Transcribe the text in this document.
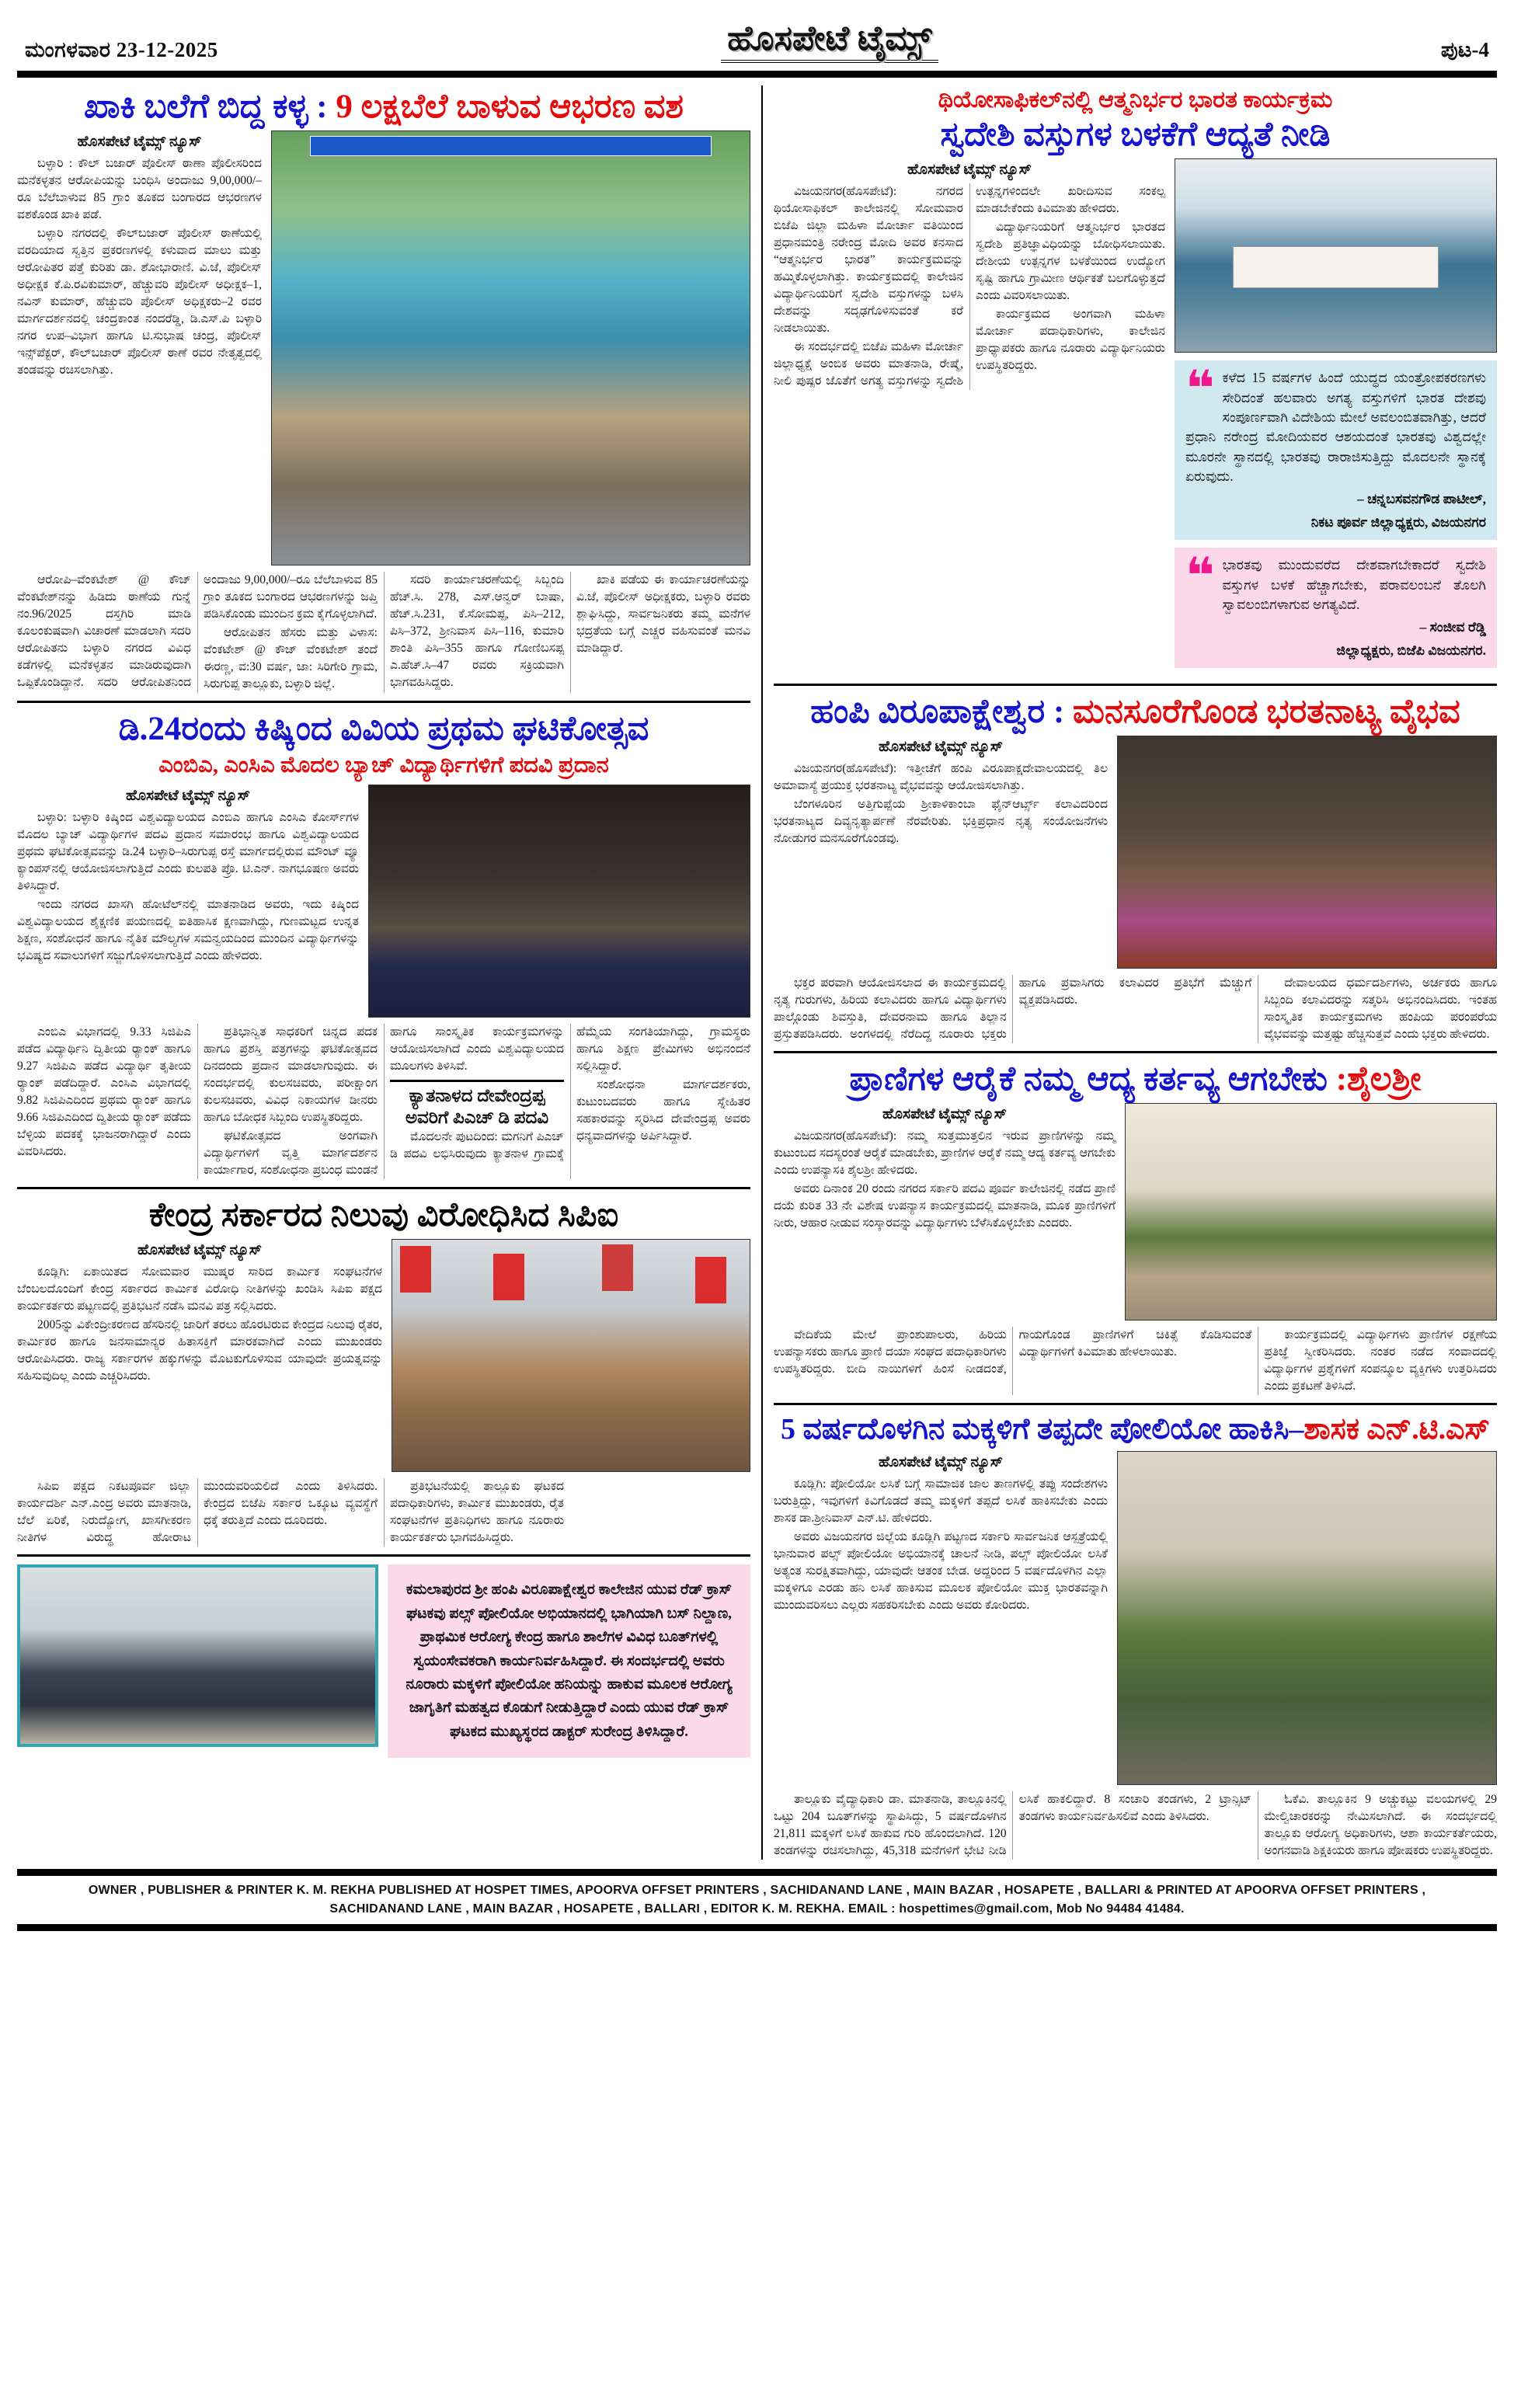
ಮಂಗಳವಾರ 23-12-2025	ಹೊಸಪೇಟೆ ಟೈಮ್ಸ್	ಪುಟ-4
ಖಾಕಿ ಬಲೆಗೆ ಬಿದ್ದ ಕಳ್ಳ : 9 ಲಕ್ಷಬೆಲೆ ಬಾಳುವ ಆಭರಣ ವಶ
ಹೊಸಪೇಟೆ ಟೈಮ್ಸ್ ನ್ಯೂಸ್

ಬಳ್ಳಾರಿ : ಕೌಲ್ ಬಜಾರ್ ಪೊಲೀಸ್ ಠಾಣಾ ಪೊಲೀಸರಿಂದ ಮನೆಕಳ್ಳತನ ಆರೋಪಿಯನ್ನು ಬಂಧಿಸಿ ಅಂದಾಜು 9,00,000/–ರೂ ಬೆಲೆಬಾಳುವ 85 ಗ್ರಾಂ ತೂಕದ ಬಂಗಾರದ ಆಭರಣಗಳ ವಶಕೊಂಡ ಖಾಕಿ ಪಡೆ.

ಬಳ್ಳಾರಿ ನಗರದಲ್ಲಿ ಕೌಲ್‌ಬಜಾರ್ ಪೊಲೀಸ್ ಠಾಣೆಯಲ್ಲಿ ವರದಿಯಾದ ಸ್ವತ್ತಿನ ಪ್ರಕರಣಗಳಲ್ಲಿ ಕಳುವಾದ ಮಾಲು ಮತ್ತು ಆರೋಪಿತರ ಪತ್ತೆ ಕುರಿತು ಡಾ. ಶೋಭಾರಾಣಿ. ವಿ.ಜೆ, ಪೊಲೀಸ್ ಅಧೀಕ್ಷಕ ಕೆ.ಪಿ.ರವಿಕುಮಾರ್, ಹೆಚ್ಚುವರಿ ಪೊಲೀಸ್ ಅಧೀಕ್ಷಕ–1, ನವಿನ್ ಕುಮಾರ್, ಹೆಚ್ಚುವರಿ ಪೊಲೀಸ್ ಅಧಿಕ್ಷಕರು–2 ರವರ ಮಾರ್ಗದರ್ಶನದಲ್ಲಿ ಚಂದ್ರಕಾಂತ ನಂದರೆಡ್ಡಿ, ಡಿ.ಎಸ್.ಪಿ ಬಳ್ಳಾರಿ ನಗರ ಉಪ–ವಿಭಾಗ ಹಾಗೂ ಟಿ.ಸುಭಾಷ ಚಂದ್ರ, ಪೊಲೀಸ್ ಇನ್ಸ್‌ಪೆಕ್ಟರ್, ಕೌಲ್‌ಬಜಾರ್ ಪೊಲೀಸ್ ಠಾಣೆ ರವರ ನೇತೃತ್ವದಲ್ಲಿ ತಂಡವನ್ನು ರಚಿಸಲಾಗಿತ್ತು.

ಆರೋಪಿ–ವೆಂಕಟೇಶ್ @ ಕೌಜ್ ವೆಂಕಟೇಶ್‌ನನ್ನು ಹಿಡಿದು ಠಾಣೆಯ ಗುನ್ನೆ ನಂ.96/2025 ದಸ್ತಗಿರಿ ಮಾಡಿ ಕೂಲಂಕುಷವಾಗಿ ವಿಚಾರಣೆ ಮಾಡಲಾಗಿ ಸದರಿ ಆರೋಪಿತನು ಬಳ್ಳಾರಿ ನಗರದ ವಿವಿಧ ಕಡೆಗಳಲ್ಲಿ ಮನೆಕಳ್ಳತನ ಮಾಡಿರುವುದಾಗಿ ಒಪ್ಪಿಕೊಂಡಿದ್ದಾನೆ. ಸದರಿ ಆರೋಪಿತನಿಂದ ಅಂದಾಜು 9,00,000/–ರೂ ಬೆಲೆಬಾಳುವ 85 ಗ್ರಾಂ ತೂಕದ ಬಂಗಾರದ ಆಭರಣಗಳನ್ನು ಜಪ್ತಿ ಪಡಿಸಿಕೊಂಡು ಮುಂದಿನ ಕ್ರಮ ಕೈಗೊಳ್ಳಲಾಗಿದೆ.

ಆರೋಪಿತನ ಹೆಸರು ಮತ್ತು ವಿಳಾಸ: ವೆಂಕಟೇಶ್ @ ಕೌಜ್ ವೆಂಕಟೇಶ್ ತಂದೆ ಈರಣ್ಣ, ವ:30 ವರ್ಷ, ಜಾ: ಸಿರಿಗೇರಿ ಗ್ರಾಮ, ಸಿರುಗುಪ್ಪ ತಾಲ್ಲೂಕು, ಬಳ್ಳಾರಿ ಜಿಲ್ಲೆ.

ಸದರಿ ಕಾರ್ಯಾಚರಣೆಯಲ್ಲಿ ಸಿಬ್ಬಂದಿ ಹೆಚ್.ಸಿ. 278, ಎಸ್.ಆನ್ವರ್ ಬಾಷಾ, ಹೆಚ್.ಸಿ.231, ಕೆ.ಸೋಮಪ್ಪ, ಪಿಸಿ–212, ಪಿಸಿ–372, ಶ್ರೀನಿವಾಸ ಪಿಸಿ–116, ಕುಮಾರಿ ಶಾಂತಿ ಪಿಸಿ–355 ಹಾಗೂ ಗೋಣಿಬಸಪ್ಪ ಎ.ಹೆಚ್.ಸಿ–47 ರವರು ಸಕ್ರಿಯವಾಗಿ ಭಾಗವಹಿಸಿದ್ದರು.

ಖಾಕಿ ಪಡೆಯ ಈ ಕಾರ್ಯಾಚರಣೆಯನ್ನು ವಿ.ಜೆ, ಪೊಲೀಸ್ ಅಧೀಕ್ಷಕರು, ಬಳ್ಳಾರಿ ರವರು ಶ್ಲಾಘಿಸಿದ್ದು, ಸಾರ್ವಜನಿಕರು ತಮ್ಮ ಮನೆಗಳ ಭದ್ರತೆಯ ಬಗ್ಗೆ ಎಚ್ಚರ ವಹಿಸುವಂತೆ ಮನವಿ ಮಾಡಿದ್ದಾರೆ.

ಡಿ.24ರಂದು ಕಿಷ್ಕಿಂದ ವಿವಿಯ ಪ್ರಥಮ ಘಟಿಕೋತ್ಸವ
ಎಂಬಿಎ, ಎಂಸಿಎ ಮೊದಲ ಬ್ಯಾಚ್ ವಿದ್ಯಾರ್ಥಿಗಳಿಗೆ ಪದವಿ ಪ್ರದಾನ
ಹೊಸಪೇಟೆ ಟೈಮ್ಸ್ ನ್ಯೂಸ್

ಬಳ್ಳಾರಿ: ಬಳ್ಳಾರಿ ಕಿಷ್ಕಿಂದ ವಿಶ್ವವಿದ್ಯಾಲಯದ ಎಂಬಿಎ ಹಾಗೂ ಎಂಸಿಎ ಕೋರ್ಸ್‌ಗಳ ಮೊದಲ ಬ್ಯಾಚ್ ವಿದ್ಯಾರ್ಥಿಗಳ ಪದವಿ ಪ್ರದಾನ ಸಮಾರಂಭ ಹಾಗೂ ವಿಶ್ವವಿದ್ಯಾಲಯದ ಪ್ರಥಮ ಘಟಿಕೋತ್ಸವವನ್ನು ಡಿ.24 ಬಳ್ಳಾರಿ–ಸಿರುಗುಪ್ಪ ರಸ್ತೆ ಮಾರ್ಗದಲ್ಲಿರುವ ಮೌಂಟ್ ವ್ಯೂ ಕ್ಯಾಂಪಸ್‌ನಲ್ಲಿ ಆಯೋಜಿಸಲಾಗುತ್ತಿದೆ ಎಂದು ಕುಲಪತಿ ಪ್ರೊ. ಟಿ.ಎನ್. ನಾಗಭೂಷಣ ಅವರು ತಿಳಿಸಿದ್ದಾರೆ.

ಇಂದು ನಗರದ ಖಾಸಗಿ ಹೋಟೆಲ್‌ನಲ್ಲಿ ಮಾತನಾಡಿದ ಅವರು, ಇದು ಕಿಷ್ಕಿಂದ ವಿಶ್ವವಿದ್ಯಾಲಯದ ಶೈಕ್ಷಣಿಕ ಪಯಣದಲ್ಲಿ ಐತಿಹಾಸಿಕ ಕ್ಷಣವಾಗಿದ್ದು, ಗುಣಮಟ್ಟದ ಉನ್ನತ ಶಿಕ್ಷಣ, ಸಂಶೋಧನೆ ಹಾಗೂ ನೈತಿಕ ಮೌಲ್ಯಗಳ ಸಮನ್ವಯದಿಂದ ಮುಂದಿನ ವಿದ್ಯಾರ್ಥಿಗಳನ್ನು ಭವಿಷ್ಯದ ಸವಾಲುಗಳಿಗೆ ಸಜ್ಜುಗೊಳಿಸಲಾಗುತ್ತಿದೆ ಎಂದು ಹೇಳಿದರು.

ಎಂಬಿಎ ವಿಭಾಗದಲ್ಲಿ 9.33 ಸಿಜಿಪಿಎ ಪಡೆದ ವಿದ್ಯಾರ್ಥಿನಿ ದ್ವಿತೀಯ ರ‍್ಯಾಂಕ್ ಹಾಗೂ 9.27 ಸಿಜಿಪಿಎ ಪಡೆದ ವಿದ್ಯಾರ್ಥಿ ತೃತೀಯ ರ‍್ಯಾಂಕ್ ಪಡೆದಿದ್ದಾರೆ. ಎಂಸಿಎ ವಿಭಾಗದಲ್ಲಿ 9.82 ಸಿಜಿಪಿಎದಿಂದ ಪ್ರಥಮ ರ‍್ಯಾಂಕ್ ಹಾಗೂ 9.66 ಸಿಜಿಪಿಎದಿಂದ ದ್ವಿತೀಯ ರ‍್ಯಾಂಕ್ ಪಡೆದು ಬೆಳ್ಳಿಯ ಪದಕಕ್ಕೆ ಭಾಜನರಾಗಿದ್ದಾರೆ ಎಂದು ವಿವರಿಸಿದರು.

ಪ್ರತಿಭಾನ್ವಿತ ಸಾಧಕರಿಗೆ ಚಿನ್ನದ ಪದಕ ಹಾಗೂ ಪ್ರಶಸ್ತಿ ಪತ್ರಗಳನ್ನು ಘಟಿಕೋತ್ಸವದ ದಿನದಂದು ಪ್ರದಾನ ಮಾಡಲಾಗುವುದು. ಈ ಸಂದರ್ಭದಲ್ಲಿ ಕುಲಸಚಿವರು, ಪರೀಕ್ಷಾಂಗ ಕುಲಸಚಿವರು, ವಿವಿಧ ನಿಕಾಯಗಳ ಡೀನರು ಹಾಗೂ ಬೋಧಕ ಸಿಬ್ಬಂದಿ ಉಪಸ್ಥಿತರಿದ್ದರು.

ಘಟಿಕೋತ್ಸವದ ಅಂಗವಾಗಿ ವಿದ್ಯಾರ್ಥಿಗಳಿಗೆ ವೃತ್ತಿ ಮಾರ್ಗದರ್ಶನ ಕಾರ್ಯಾಗಾರ, ಸಂಶೋಧನಾ ಪ್ರಬಂಧ ಮಂಡನೆ ಹಾಗೂ ಸಾಂಸ್ಕೃತಿಕ ಕಾರ್ಯಕ್ರಮಗಳನ್ನು ಆಯೋಜಿಸಲಾಗಿದೆ ಎಂದು ವಿಶ್ವವಿದ್ಯಾಲಯದ ಮೂಲಗಳು ತಿಳಿಸಿವೆ.

ಕ್ಯಾತನಾಳದ ದೇವೇಂದ್ರಪ್ಪ ಅವರಿಗೆ ಪಿಎಚ್ ಡಿ ಪದವಿ

ಮೊದಲನೇ ಪುಟದಿಂದ: ಮಗನಿಗೆ ಪಿಎಚ್ ಡಿ ಪದವಿ ಲಭಿಸಿರುವುದು ಕ್ಯಾತನಾಳ ಗ್ರಾಮಕ್ಕೆ ಹೆಮ್ಮೆಯ ಸಂಗತಿಯಾಗಿದ್ದು, ಗ್ರಾಮಸ್ಥರು ಹಾಗೂ ಶಿಕ್ಷಣ ಪ್ರೇಮಿಗಳು ಅಭಿನಂದನೆ ಸಲ್ಲಿಸಿದ್ದಾರೆ.

ಸಂಶೋಧನಾ ಮಾರ್ಗದರ್ಶಕರು, ಕುಟುಂಬದವರು ಹಾಗೂ ಸ್ನೇಹಿತರ ಸಹಕಾರವನ್ನು ಸ್ಮರಿಸಿದ ದೇವೇಂದ್ರಪ್ಪ ಅವರು ಧನ್ಯವಾದಗಳನ್ನು ಅರ್ಪಿಸಿದ್ದಾರೆ.

ಕೇಂದ್ರ ಸರ್ಕಾರದ ನಿಲುವು ವಿರೋಧಿಸಿದ ಸಿಪಿಐ
ಹೊಸಪೇಟೆ ಟೈಮ್ಸ್ ನ್ಯೂಸ್

ಕೂಡ್ಲಿಗಿ: ಏಕಾಯಿತದ ಸೋಮವಾರ ಮುಷ್ಕರ ಸಾರಿದ ಕಾರ್ಮಿಕ ಸಂಘಟನೆಗಳ ಬೆಂಬಲದೊಂದಿಗೆ ಕೇಂದ್ರ ಸರ್ಕಾರದ ಕಾರ್ಮಿಕ ವಿರೋಧಿ ನೀತಿಗಳನ್ನು ಖಂಡಿಸಿ ಸಿಪಿಐ ಪಕ್ಷದ ಕಾರ್ಯಕರ್ತರು ಪಟ್ಟಣದಲ್ಲಿ ಪ್ರತಿಭಟನೆ ನಡೆಸಿ ಮನವಿ ಪತ್ರ ಸಲ್ಲಿಸಿದರು.

2005ನ್ನು ವಿಕೇಂದ್ರೀಕರಣದ ಹೆಸರಿನಲ್ಲಿ ಜಾರಿಗೆ ತರಲು ಹೊರಟಿರುವ ಕೇಂದ್ರದ ನಿಲುವು ರೈತರ, ಕಾರ್ಮಿಕರ ಹಾಗೂ ಜನಸಾಮಾನ್ಯರ ಹಿತಾಸಕ್ತಿಗೆ ಮಾರಕವಾಗಿದೆ ಎಂದು ಮುಖಂಡರು ಆರೋಪಿಸಿದರು. ರಾಜ್ಯ ಸರ್ಕಾರಗಳ ಹಕ್ಕುಗಳನ್ನು ಮೊಟಕುಗೊಳಿಸುವ ಯಾವುದೇ ಪ್ರಯತ್ನವನ್ನು ಸಹಿಸುವುದಿಲ್ಲ ಎಂದು ಎಚ್ಚರಿಸಿದರು.

ಸಿಪಿಐ ಪಕ್ಷದ ನಿಕಟಪೂರ್ವ ಜಿಲ್ಲಾ ಕಾರ್ಯದರ್ಶಿ ಎನ್.ಎಂದ್ರ ಅವರು ಮಾತನಾಡಿ, ಬೆಲೆ ಏರಿಕೆ, ನಿರುದ್ಯೋಗ, ಖಾಸಗೀಕರಣ ನೀತಿಗಳ ವಿರುದ್ಧ ಹೋರಾಟ ಮುಂದುವರಿಯಲಿದೆ ಎಂದು ತಿಳಿಸಿದರು. ಕೇಂದ್ರದ ಬಿಜೆಪಿ ಸರ್ಕಾರ ಒಕ್ಕೂಟ ವ್ಯವಸ್ಥೆಗೆ ಧಕ್ಕೆ ತರುತ್ತಿದೆ ಎಂದು ದೂರಿದರು.

ಪ್ರತಿಭಟನೆಯಲ್ಲಿ ತಾಲ್ಲೂಕು ಘಟಕದ ಪದಾಧಿಕಾರಿಗಳು, ಕಾರ್ಮಿಕ ಮುಖಂಡರು, ರೈತ ಸಂಘಟನೆಗಳ ಪ್ರತಿನಿಧಿಗಳು ಹಾಗೂ ನೂರಾರು ಕಾರ್ಯಕರ್ತರು ಭಾಗವಹಿಸಿದ್ದರು.

ಕಮಲಾಪುರದ ಶ್ರೀ ಹಂಪಿ ವಿರೂಪಾಕ್ಷೇಶ್ವರ ಕಾಲೇಜಿನ ಯುವ ರೆಡ್ ಕ್ರಾಸ್ ಘಟಕವು ಪಲ್ಸ್ ಪೋಲಿಯೋ ಅಭಿಯಾನದಲ್ಲಿ ಭಾಗಿಯಾಗಿ ಬಸ್ ನಿಲ್ದಾಣ, ಪ್ರಾಥಮಿಕ ಆರೋಗ್ಯ ಕೇಂದ್ರ ಹಾಗೂ ಶಾಲೆಗಳ ವಿವಿಧ ಬೂತ್‌ಗಳಲ್ಲಿ ಸ್ವಯಂಸೇವಕರಾಗಿ ಕಾರ್ಯನಿರ್ವಹಿಸಿದ್ದಾರೆ. ಈ ಸಂದರ್ಭದಲ್ಲಿ ಅವರು ನೂರಾರು ಮಕ್ಕಳಿಗೆ ಪೋಲಿಯೋ ಹನಿಯನ್ನು ಹಾಕುವ ಮೂಲಕ ಆರೋಗ್ಯ ಜಾಗೃತಿಗೆ ಮಹತ್ವದ ಕೊಡುಗೆ ನೀಡುತ್ತಿದ್ದಾರೆ ಎಂದು ಯುವ ರೆಡ್ ಕ್ರಾಸ್ ಘಟಕದ ಮುಖ್ಯಸ್ಥರದ ಡಾಕ್ಟರ್ ಸುರೇಂದ್ರ ತಿಳಿಸಿದ್ದಾರೆ.
ಥಿಯೋಸಾಫಿಕಲ್‌ನಲ್ಲಿ ಆತ್ಮನಿರ್ಭರ ಭಾರತ ಕಾರ್ಯಕ್ರಮ
ಸ್ವದೇಶಿ ವಸ್ತುಗಳ ಬಳಕೆಗೆ ಆದ್ಯತೆ ನೀಡಿ
ಹೊಸಪೇಟೆ ಟೈಮ್ಸ್ ನ್ಯೂಸ್

ವಿಜಯನಗರ(ಹೊಸಪೇಟೆ): ನಗರದ ಥಿಯೋಸಾಫಿಕಲ್ ಕಾಲೇಜಿನಲ್ಲಿ ಸೋಮವಾರ ಬಿಜೆಪಿ ಜಿಲ್ಲಾ ಮಹಿಳಾ ಮೋರ್ಚಾ ವತಿಯಿಂದ ಪ್ರಧಾನಮಂತ್ರಿ ನರೇಂದ್ರ ಮೋದಿ ಅವರ ಕನಸಾದ “ಆತ್ಮನಿರ್ಭರ ಭಾರತ” ಕಾರ್ಯಕ್ರಮವನ್ನು ಹಮ್ಮಿಕೊಳ್ಳಲಾಗಿತ್ತು. ಕಾರ್ಯಕ್ರಮದಲ್ಲಿ ಕಾಲೇಜಿನ ವಿದ್ಯಾರ್ಥಿನಿಯರಿಗೆ ಸ್ವದೇಶಿ ವಸ್ತುಗಳನ್ನು ಬಳಸಿ ದೇಶವನ್ನು ಸದೃಢಗೊಳಿಸುವಂತೆ ಕರೆ ನೀಡಲಾಯಿತು.

ಈ ಸಂದರ್ಭದಲ್ಲಿ ಬಿಜೆಪಿ ಮಹಿಳಾ ಮೋರ್ಚಾ ಜಿಲ್ಲಾಧ್ಯಕ್ಷೆ ಅಂಬಿಕ ಅವರು ಮಾತನಾಡಿ, ರೇಷ್ಮೆ, ನೀಲಿ ಪುಷ್ಪರ ಜೊತೆಗೆ ಅಗತ್ಯ ವಸ್ತುಗಳನ್ನು ಸ್ವದೇಶಿ ಉತ್ಪನ್ನಗಳಿಂದಲೇ ಖರೀದಿಸುವ ಸಂಕಲ್ಪ ಮಾಡಬೇಕೆಂದು ಕಿವಿಮಾತು ಹೇಳಿದರು.

ವಿದ್ಯಾರ್ಥಿನಿಯರಿಗೆ ಆತ್ಮನಿರ್ಭರ ಭಾರತದ ಸ್ವದೇಶಿ ಪ್ರತಿಜ್ಞಾವಿಧಿಯನ್ನು ಬೋಧಿಸಲಾಯಿತು. ದೇಶೀಯ ಉತ್ಪನ್ನಗಳ ಬಳಕೆಯಿಂದ ಉದ್ಯೋಗ ಸೃಷ್ಟಿ ಹಾಗೂ ಗ್ರಾಮೀಣ ಆರ್ಥಿಕತೆ ಬಲಗೊಳ್ಳುತ್ತದೆ ಎಂದು ವಿವರಿಸಲಾಯಿತು.

ಕಾರ್ಯಕ್ರಮದ ಅಂಗವಾಗಿ ಮಹಿಳಾ ಮೋರ್ಚಾ ಪದಾಧಿಕಾರಿಗಳು, ಕಾಲೇಜಿನ ಪ್ರಾಧ್ಯಾಪಕರು ಹಾಗೂ ನೂರಾರು ವಿದ್ಯಾರ್ಥಿನಿಯರು ಉಪಸ್ಥಿತರಿದ್ದರು.	❝ ಕಳೆದ 15 ವರ್ಷಗಳ ಹಿಂದೆ ಯುದ್ಧದ ಯಂತ್ರೋಪಕರಣಗಳು ಸೇರಿದಂತೆ ಹಲವಾರು ಅಗತ್ಯ ವಸ್ತುಗಳಿಗೆ ಭಾರತ ದೇಶವು ಸಂಪೂರ್ಣವಾಗಿ ವಿದೇಶಿಯ ಮೇಲೆ ಅವಲಂಬಿತವಾಗಿತ್ತು, ಆದರೆ ಪ್ರಧಾನಿ ನರೇಂದ್ರ ಮೋದಿಯವರ ಆಶಯದಂತೆ ಭಾರತವು ವಿಶ್ವದಲ್ಲೇ ಮೂರನೇ ಸ್ಥಾನದಲ್ಲಿ ಭಾರತವು ರಾರಾಜಿಸುತ್ತಿದ್ದು ಮೊದಲನೇ ಸ್ಥಾನಕ್ಕೆ ಏರುವುದು.
– ಚನ್ನಬಸವನಗೌಡ ಪಾಟೀಲ್,
ನಿಕಟ ಪೂರ್ವ ಜಿಲ್ಲಾಧ್ಯಕ್ಷರು, ವಿಜಯನಗರ
❝ ಭಾರತವು ಮುಂದುವರೆದ ದೇಶವಾಗಬೇಕಾದರೆ ಸ್ವದೇಶಿ ವಸ್ತುಗಳ ಬಳಕೆ ಹೆಚ್ಚಾಗಬೇಕು, ಪರಾವಲಂಬನೆ ತೊಲಗಿ ಸ್ವಾವಲಂಬಿಗಳಾಗುವ ಅಗತ್ಯವಿದೆ.
– ಸಂಜೀವ ರೆಡ್ಡಿ
ಜಿಲ್ಲಾಧ್ಯಕ್ಷರು, ಬಿಜೆಪಿ ವಿಜಯನಗರ.
ಹಂಪಿ ವಿರೂಪಾಕ್ಷೇಶ್ವರ : ಮನಸೂರೆಗೊಂಡ ಭರತನಾಟ್ಯ ವೈಭವ
ಹೊಸಪೇಟೆ ಟೈಮ್ಸ್ ನ್ಯೂಸ್

ವಿಜಯನಗರ(ಹೊಸಪೇಟೆ): ಇತ್ತೀಚೆಗೆ ಹಂಪಿ ವಿರೂಪಾಕ್ಷದೇವಾಲಯದಲ್ಲಿ ತಿಲ ಅಮಾವಾಸ್ಯೆ ಪ್ರಯುಕ್ತ ಭರತನಾಟ್ಯ ವೈಭವವನ್ನು ಆಯೋಜಿಸಲಾಗಿತ್ತು.

ಬೆಂಗಳೂರಿನ ಅತ್ತಿಗುಪ್ಪೆಯ ಶ್ರೀಕಾಳಿಕಾಂಬಾ ಫೈನ್‌ಆರ್ಟ್ಸ್ ಕಲಾವಿದರಿಂದ ಭರತನಾಟ್ಯದ ದಿವ್ಯನೃತ್ಯಾರ್ಪಣೆ ನೆರವೇರಿತು. ಭಕ್ತಿಪ್ರಧಾನ ನೃತ್ಯ ಸಂಯೋಜನೆಗಳು ನೋಡುಗರ ಮನಸೂರೆಗೊಂಡವು.

ಭಕ್ತರ ಪರವಾಗಿ ಆಯೋಜಿಸಲಾದ ಈ ಕಾರ್ಯಕ್ರಮದಲ್ಲಿ ನೃತ್ಯ ಗುರುಗಳು, ಹಿರಿಯ ಕಲಾವಿದರು ಹಾಗೂ ವಿದ್ಯಾರ್ಥಿಗಳು ಪಾಲ್ಗೊಂಡು ಶಿವಸ್ತುತಿ, ದೇವರನಾಮ ಹಾಗೂ ತಿಲ್ಲಾನ ಪ್ರಸ್ತುತಪಡಿಸಿದರು. ಅಂಗಳದಲ್ಲಿ ನೆರೆದಿದ್ದ ನೂರಾರು ಭಕ್ತರು ಹಾಗೂ ಪ್ರವಾಸಿಗರು ಕಲಾವಿದರ ಪ್ರತಿಭೆಗೆ ಮೆಚ್ಚುಗೆ ವ್ಯಕ್ತಪಡಿಸಿದರು.

ದೇವಾಲಯದ ಧರ್ಮದರ್ಶಿಗಳು, ಅರ್ಚಕರು ಹಾಗೂ ಸಿಬ್ಬಂದಿ ಕಲಾವಿದರನ್ನು ಸತ್ಕರಿಸಿ ಅಭಿನಂದಿಸಿದರು. ಇಂತಹ ಸಾಂಸ್ಕೃತಿಕ ಕಾರ್ಯಕ್ರಮಗಳು ಹಂಪಿಯ ಪರಂಪರೆಯ ವೈಭವವನ್ನು ಮತ್ತಷ್ಟು ಹೆಚ್ಚಿಸುತ್ತವೆ ಎಂದು ಭಕ್ತರು ಹೇಳಿದರು.

ಪ್ರಾಣಿಗಳ ಆರೈಕೆ ನಮ್ಮ ಆದ್ಯ ಕರ್ತವ್ಯ ಆಗಬೇಕು :ಶೈಲಶ್ರೀ
ಹೊಸಪೇಟೆ ಟೈಮ್ಸ್ ನ್ಯೂಸ್

ವಿಜಯನಗರ(ಹೊಸಪೇಟೆ): ನಮ್ಮ ಸುತ್ತಮುತ್ತಲಿನ ಇರುವ ಪ್ರಾಣಿಗಳನ್ನು ನಮ್ಮ ಕುಟುಂಬದ ಸದಸ್ಯರಂತೆ ಆರೈಕೆ ಮಾಡಬೇಕು, ಪ್ರಾಣಿಗಳ ಆರೈಕೆ ನಮ್ಮ ಆದ್ಯ ಕರ್ತವ್ಯ ಆಗಬೇಕು ಎಂದು ಉಪನ್ಯಾಸಕಿ ಶೈಲಶ್ರೀ ಹೇಳಿದರು.

ಅವರು ದಿನಾಂಕ 20 ರಂದು ನಗರದ ಸರ್ಕಾರಿ ಪದವಿ ಪೂರ್ವ ಕಾಲೇಜಿನಲ್ಲಿ ನಡೆದ ಪ್ರಾಣಿ ದಯೆ ಕುರಿತ 33 ನೇ ವಿಶೇಷ ಉಪನ್ಯಾಸ ಕಾರ್ಯಕ್ರಮದಲ್ಲಿ ಮಾತನಾಡಿ, ಮೂಕ ಪ್ರಾಣಿಗಳಿಗೆ ನೀರು, ಆಹಾರ ನೀಡುವ ಸಂಸ್ಕಾರವನ್ನು ವಿದ್ಯಾರ್ಥಿಗಳು ಬೆಳೆಸಿಕೊಳ್ಳಬೇಕು ಎಂದರು.

ವೇದಿಕೆಯ ಮೇಲೆ ಪ್ರಾಂಶುಪಾಲರು, ಹಿರಿಯ ಉಪನ್ಯಾಸಕರು ಹಾಗೂ ಪ್ರಾಣಿ ದಯಾ ಸಂಘದ ಪದಾಧಿಕಾರಿಗಳು ಉಪಸ್ಥಿತರಿದ್ದರು. ಬೀದಿ ನಾಯಿಗಳಿಗೆ ಹಿಂಸೆ ನೀಡದಂತೆ, ಗಾಯಗೊಂಡ ಪ್ರಾಣಿಗಳಿಗೆ ಚಿಕಿತ್ಸೆ ಕೊಡಿಸುವಂತೆ ವಿದ್ಯಾರ್ಥಿಗಳಿಗೆ ಕಿವಿಮಾತು ಹೇಳಲಾಯಿತು.

ಕಾರ್ಯಕ್ರಮದಲ್ಲಿ ವಿದ್ಯಾರ್ಥಿಗಳು ಪ್ರಾಣಿಗಳ ರಕ್ಷಣೆಯ ಪ್ರತಿಜ್ಞೆ ಸ್ವೀಕರಿಸಿದರು. ನಂತರ ನಡೆದ ಸಂವಾದದಲ್ಲಿ ವಿದ್ಯಾರ್ಥಿಗಳ ಪ್ರಶ್ನೆಗಳಿಗೆ ಸಂಪನ್ಮೂಲ ವ್ಯಕ್ತಿಗಳು ಉತ್ತರಿಸಿದರು ಎಂದು ಪ್ರಕಟಣೆ ತಿಳಿಸಿದೆ.

5 ವರ್ಷದೊಳಗಿನ ಮಕ್ಕಳಿಗೆ ತಪ್ಪದೇ ಪೋಲಿಯೋ ಹಾಕಿಸಿ–ಶಾಸಕ ಎನ್.ಟಿ.ಎಸ್
ಹೊಸಪೇಟೆ ಟೈಮ್ಸ್ ನ್ಯೂಸ್

ಕೂಡ್ಲಿಗಿ: ಪೋಲಿಯೋ ಲಸಿಕೆ ಬಗ್ಗೆ ಸಾಮಾಜಿಕ ಜಾಲ ತಾಣಗಳಲ್ಲಿ ತಪ್ಪು ಸಂದೇಶಗಳು ಬರುತ್ತಿದ್ದು, ಇವುಗಳಿಗೆ ಕಿವಿಗೊಡದೆ ತಮ್ಮ ಮಕ್ಕಳಿಗೆ ತಪ್ಪದೆ ಲಸಿಕೆ ಹಾಕಿಸಬೇಕು ಎಂದು ಶಾಸಕ ಡಾ.ಶ್ರೀನಿವಾಸ್ ಎನ್.ಟಿ. ಹೇಳಿದರು.

ಅವರು ವಿಜಯನಗರ ಜಿಲ್ಲೆಯ ಕೂಡ್ಲಿಗಿ ಪಟ್ಟಣದ ಸರ್ಕಾರಿ ಸಾರ್ವಜನಿಕ ಆಸ್ಪತ್ರೆಯಲ್ಲಿ ಭಾನುವಾರ ಪಲ್ಸ್ ಪೋಲಿಯೋ ಅಭಿಯಾನಕ್ಕೆ ಚಾಲನೆ ನೀಡಿ, ಪಲ್ಸ್ ಪೋಲಿಯೋ ಲಸಿಕೆ ಅತ್ಯಂತ ಸುರಕ್ಷಿತವಾಗಿದ್ದು, ಯಾವುದೇ ಆತಂಕ ಬೇಡ. ಅದ್ದರಿಂದ 5 ವರ್ಷದೊಳಗಿನ ಎಲ್ಲಾ ಮಕ್ಕಳಿಗೂ ಎರಡು ಹನಿ ಲಸಿಕೆ ಹಾಕಿಸುವ ಮೂಲಕ ಪೋಲಿಯೋ ಮುಕ್ತ ಭಾರತವನ್ನಾಗಿ ಮುಂದುವರಿಸಲು ಎಲ್ಲರು ಸಹಕರಿಸಬೇಕು ಎಂದು ಅವರು ಕೋರಿದರು.

ತಾಲ್ಲೂಕು ವೈದ್ಯಾಧಿಕಾರಿ ಡಾ. ಮಾತನಾಡಿ, ತಾಲ್ಲೂಕಿನಲ್ಲಿ ಒಟ್ಟು 204 ಬೂತ್‌ಗಳನ್ನು ಸ್ಥಾಪಿಸಿದ್ದು, 5 ವರ್ಷದೊಳಗಿನ 21,811 ಮಕ್ಕಳಿಗೆ ಲಸಿಕೆ ಹಾಕುವ ಗುರಿ ಹೊಂದಲಾಗಿದೆ. 120 ತಂಡಗಳನ್ನು ರಚಿಸಲಾಗಿದ್ದು, 45,318 ಮನೆಗಳಿಗೆ ಭೇಟಿ ನೀಡಿ ಲಸಿಕೆ ಹಾಕಲಿದ್ದಾರೆ. 8 ಸಂಚಾರಿ ತಂಡಗಳು, 2 ಟ್ರಾನ್ಸಿಟ್ ತಂಡಗಳು ಕಾರ್ಯನಿರ್ವಹಿಸಲಿವೆ ಎಂದು ತಿಳಿಸಿದರು.

ಓಕೆವಿ. ತಾಲ್ಲೂಕಿನ 9 ಅಚ್ಚುಕಟ್ಟು ವಲಯಗಳಲ್ಲಿ 29 ಮೇಲ್ವಿಚಾರಕರನ್ನು ನೇಮಿಸಲಾಗಿದೆ. ಈ ಸಂದರ್ಭದಲ್ಲಿ ತಾಲ್ಲೂಕು ಆರೋಗ್ಯ ಅಧಿಕಾರಿಗಳು, ಆಶಾ ಕಾರ್ಯಕರ್ತೆಯರು, ಅಂಗನವಾಡಿ ಶಿಕ್ಷಕಿಯರು ಹಾಗೂ ಪೋಷಕರು ಉಪಸ್ಥಿತರಿದ್ದರು.

OWNER , PUBLISHER & PRINTER K. M. REKHA PUBLISHED AT HOSPET TIMES, APOORVA OFFSET PRINTERS , SACHIDANAND LANE , MAIN BAZAR , HOSAPETE , BALLARI & PRINTED AT APOORVA OFFSET PRINTERS ,
SACHIDANAND LANE , MAIN BAZAR , HOSAPETE , BALLARI , EDITOR K. M. REKHA. EMAIL : hospettimes@gmail.com, Mob No 94484 41484.
